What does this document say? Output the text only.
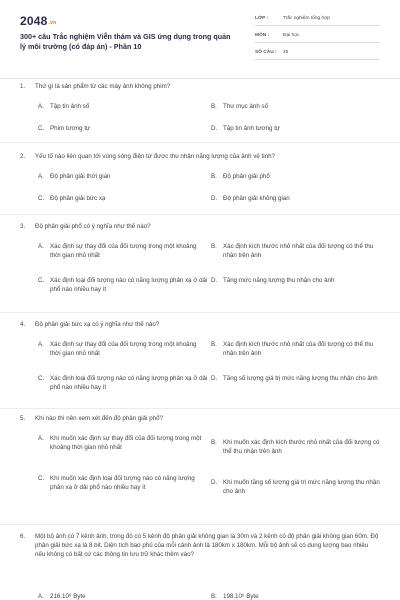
2048.vn
300+ câu Trắc nghiệm Viễn thám và GIS ứng dụng trong quản lý môi trường (có đáp án) - Phần 10
LỚP :	Trắc nghiệm tổng hợp
MÔN :	Đại học
SỐ CÂU :	25
1.	Thứ gì là sản phẩm từ các máy ảnh không phim?
A. Tập tin ảnh số	B. Thư mục ảnh số
C. Phim tương tự	D. Tập tin ảnh tương tự
2.	Yếu tố nào liên quan tới vùng sóng điện từ được thu nhận năng lượng của ảnh vệ tinh?
A. Độ phân giải thời gian	B. Độ phân giải phổ
C. Độ phân giải bức xạ	D. Độ phân giải không gian
3.	Độ phân giải phổ có ý nghĩa như thế nào?
A. Xác định sự thay đổi của đối tượng trong một khoảng thời gian nhỏ nhất
B. Xác định kích thước nhỏ nhất của đối tượng có thể thu nhận trên ảnh
C. Xác định loại đối tượng nào có năng lượng phản xạ ở dải phổ nào nhiều hay ít
D. Tăng mức năng lượng thu nhận cho ảnh
4.	Độ phân giải bức xạ có ý nghĩa như thế nào?
A. Xác định sự thay đổi của đối tượng trong một khoảng thời gian nhỏ nhất
B. Xác định kích thước nhỏ nhất của đối tượng có thể thu nhận trên ảnh
C. Xác định loại đối tượng nào có năng lượng phản xạ ở dải phổ nào nhiều hay ít
D. Tăng số lượng giá trị mức năng lượng thu nhận cho ảnh
5.	Khi nào thì nên xem xét đến độ phân giải phổ?
A. Khi muốn xác định sự thay đổi của đối tượng trong một khoảng thời gian nhỏ nhất
B. Khi muốn xác định kích thước nhỏ nhất của đối tượng có thể thu nhận trên ảnh
C. Khi muốn xác định loại đối tượng nào có năng lượng phản xạ ở dải phổ nào nhiều hay ít
D. Khi muốn tăng số lượng giá trị mức năng lượng thu nhận cho ảnh
6.	Một bộ ảnh có 7 kênh ảnh, trong đó có 5 kênh độ phân giải không gian là 30m và 2 kênh có độ phân giải không gian 60m. Độ phân giải bức xạ là 8 bit. Diện tích bao phủ của mỗi cảnh ảnh là 180km x 180km. Mỗi bộ ảnh sẽ có dung lượng bao nhiêu nếu không có bất cứ các thông tin lưu trữ khác thêm vào?
A. 216.10⁶ Byte	B. 198.10⁶ Byte
